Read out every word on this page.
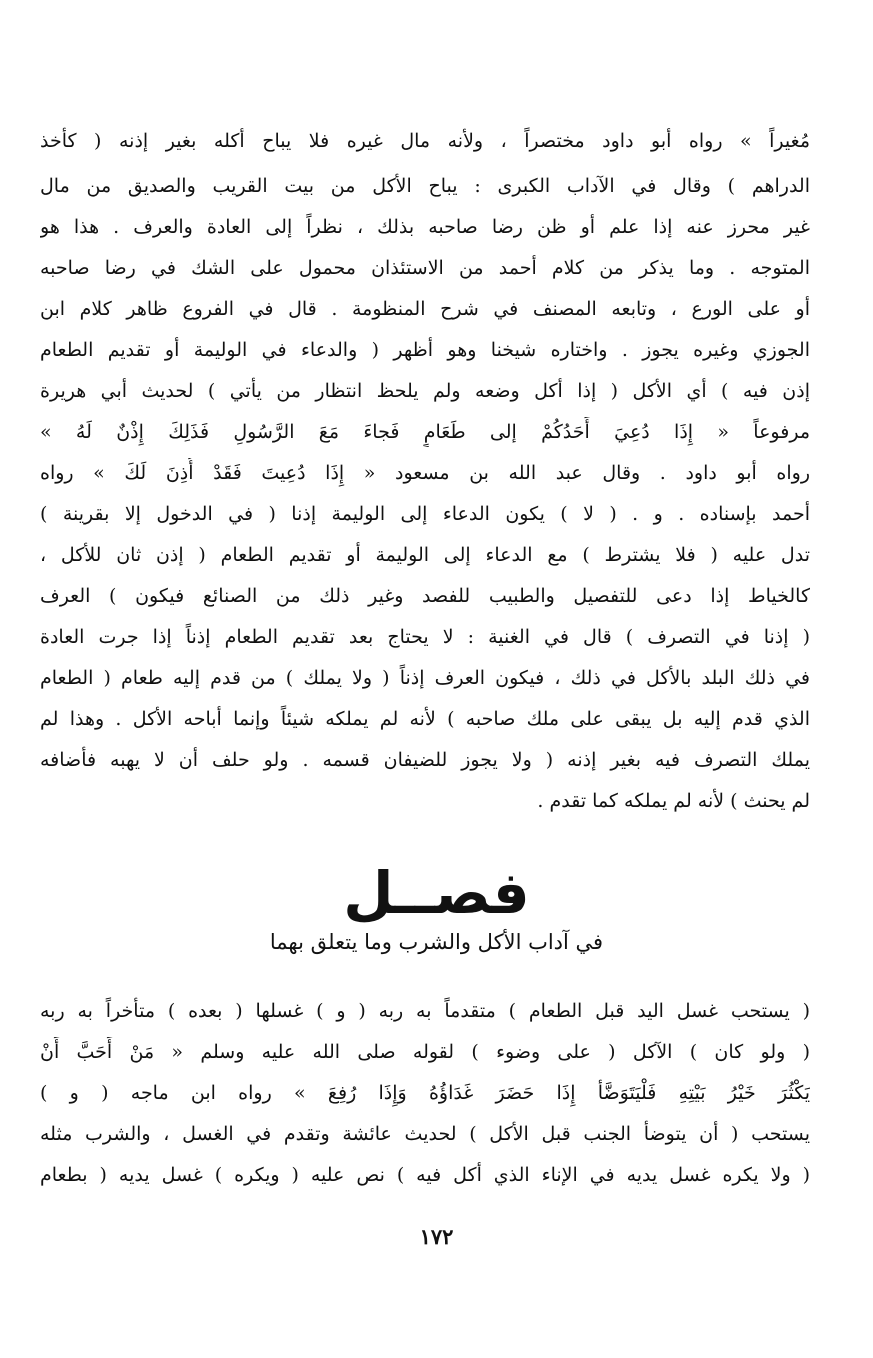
مُغيراً » رواه أبو داود مختصراً ، ولأنه مال غيره فلا يباح أكله بغير إذنه ( كأخذ
الدراهم ) وقال في الآداب الكبرى : يباح الأكل من بيت القريب والصديق من مال
غير محرز عنه إذا علم أو ظن رضا صاحبه بذلك ، نظراً إلى العادة والعرف . هذا هو
المتوجه . وما يذكر من كلام أحمد من الاستئذان محمول على الشك في رضا صاحبه
أو على الورع ، وتابعه المصنف في شرح المنظومة . قال في الفروع ظاهر كلام ابن
الجوزي وغيره يجوز . واختاره شيخنا وهو أظهر ( والدعاء في الوليمة أو تقديم الطعام
إذن فيه ) أي الأكل ( إذا أكل وضعه ولم يلحظ انتظار من يأتي ) لحديث أبي هريرة
مرفوعاً « إِذَا دُعِيَ أَحَدُكُمْ إلى طَعَامٍ فَجاءَ مَعَ الرَّسُولِ فَذَلِكَ إِذْنٌ لَهُ »
رواه أبو داود . وقال عبد الله بن مسعود « إِذَا دُعِيتَ فَقَدْ أُذِنَ لَكَ » رواه
أحمد بإسناده . و . ( لا ) يكون الدعاء إلى الوليمة إذنا ( في الدخول إلا بقرينة )
تدل عليه ( فلا يشترط ) مع الدعاء إلى الوليمة أو تقديم الطعام ( إذن ثان للأكل ،
كالخياط إذا دعى للتفصيل والطبيب للفصد وغير ذلك من الصنائع فيكون ) العرف
( إذنا في التصرف ) قال في الغنية : لا يحتاج بعد تقديم الطعام إذناً إذا جرت العادة
في ذلك البلد بالأكل في ذلك ، فيكون العرف إذناً ( ولا يملك ) من قدم إليه طعام ( الطعام
الذي قدم إليه بل يبقى على ملك صاحبه ) لأنه لم يملكه شيئاً وإنما أباحه الأكل . وهذا لم
يملك التصرف فيه بغير إذنه ( ولا يجوز للضيفان قسمه . ولو حلف أن لا يهبه فأضافه
لم يحنث ) لأنه لم يملكه كما تقدم .
فصــل
في آداب الأكل والشرب وما يتعلق بهما
( يستحب غسل اليد قبل الطعام ) متقدماً به ربه ( و ) غسلها ( بعده ) متأخراً به ربه
( ولو كان ) الآكل ( على وضوء ) لقوله صلى الله عليه وسلم « مَنْ أَحَبَّ أَنْ
يَكْثُرَ خَيْرُ بَيْتِهِ فَلْيَتَوَضَّأْ إِذَا حَضَرَ غَدَاؤُهُ وَإِذَا رُفِعَ » رواه ابن ماجه ( و )
يستحب ( أن يتوضأ الجنب قبل الأكل ) لحديث عائشة وتقدم في الغسل ، والشرب مثله
( ولا يكره غسل يديه في الإناء الذي أكل فيه ) نص عليه ( ويكره ) غسل يديه ( بطعام
١٧٢
